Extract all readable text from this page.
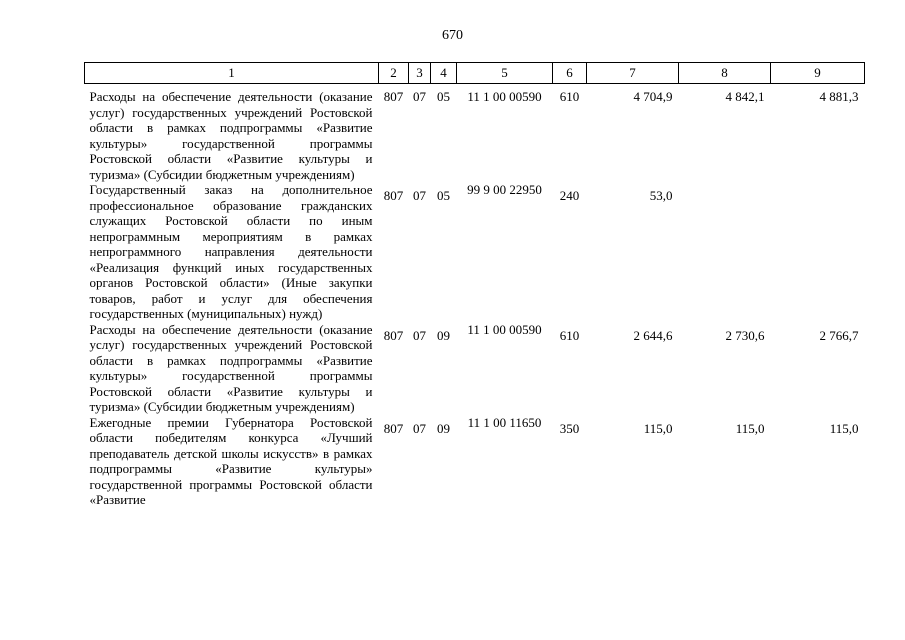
670
1	2	3	4	5	6	7	8	9
Расходы на обеспечение деятельности (оказание услуг) государственных учреждений Ростовской области в рамках подпрограммы «Развитие культуры» государственной программы Ростовской области «Развитие культуры и туризма» (Субсидии бюджетным учреждениям)	807	07	05	11 1 00 00590	610	4 704,9	4 842,1	4 881,3
Государственный заказ на дополнительное профессиональное образование гражданских служащих Ростовской области по иным непрограммным мероприятиям в рамках непрограммного направления деятельности «Реализация функций иных государственных органов Ростовской области» (Иные закупки товаров, работ и услуг для обеспечения государственных (муниципальных) нужд)	807	07	05	99 9 00 22950	240	53,0		
Расходы на обеспечение деятельности (оказание услуг) государственных учреждений Ростовской области в рамках подпрограммы «Развитие культуры» государственной программы Ростовской области «Развитие культуры и туризма» (Субсидии бюджетным учреждениям)	807	07	09	11 1 00 00590	610	2 644,6	2 730,6	2 766,7
Ежегодные премии Губернатора Ростовской области победителям конкурса «Лучший преподаватель детской школы искусств» в рамках подпрограммы «Развитие культуры» государственной программы Ростовской области «Развитие	807	07	09	11 1 00 11650	350	115,0	115,0	115,0
